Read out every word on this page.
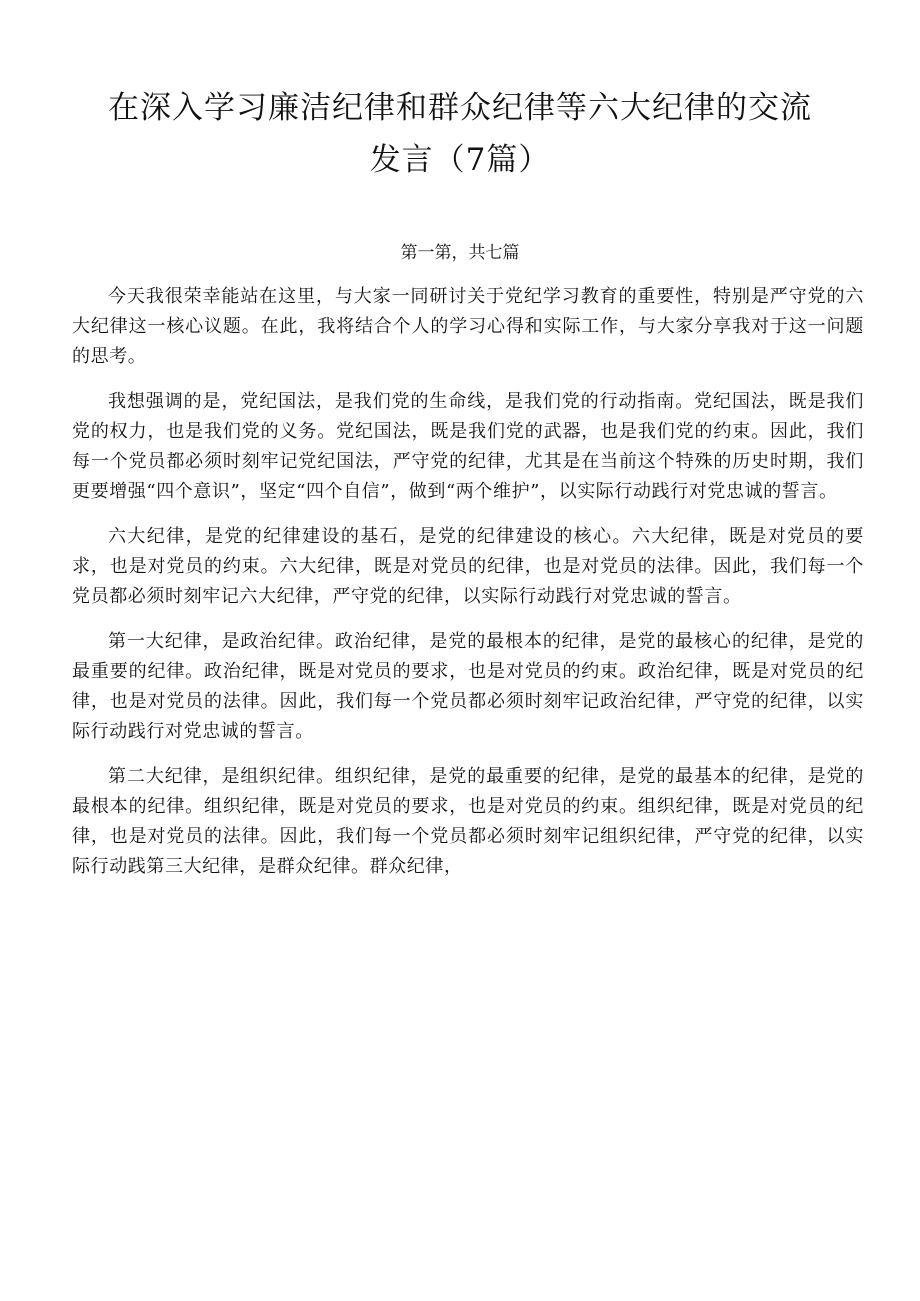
在深入学习廉洁纪律和群众纪律等六大纪律的交流
发言（7篇）
第一第，共七篇

今天我很荣幸能站在这里，与大家一同研讨关于党纪学习教育的重要性，特别是严守党的六大纪律这一核心议题。在此，我将结合个人的学习心得和实际工作，与大家分享我对于这一问题的思考。

我想强调的是，党纪国法，是我们党的生命线，是我们党的行动指南。党纪国法，既是我们党的权力，也是我们党的义务。党纪国法，既是我们党的武器，也是我们党的约束。因此，我们每一个党员都必须时刻牢记党纪国法，严守党的纪律，尤其是在当前这个特殊的历史时期，我们更要增强“四个意识”，坚定“四个自信”，做到“两个维护”，以实际行动践行对党忠诚的誓言。

六大纪律，是党的纪律建设的基石，是党的纪律建设的核心。六大纪律，既是对党员的要求，也是对党员的约束。六大纪律，既是对党员的纪律，也是对党员的法律。因此，我们每一个党员都必须时刻牢记六大纪律，严守党的纪律，以实际行动践行对党忠诚的誓言。

第一大纪律，是政治纪律。政治纪律，是党的最根本的纪律，是党的最核心的纪律，是党的最重要的纪律。政治纪律，既是对党员的要求，也是对党员的约束。政治纪律，既是对党员的纪律，也是对党员的法律。因此，我们每一个党员都必须时刻牢记政治纪律，严守党的纪律，以实际行动践行对党忠诚的誓言。

第二大纪律，是组织纪律。组织纪律，是党的最重要的纪律，是党的最基本的纪律，是党的最根本的纪律。组织纪律，既是对党员的要求，也是对党员的约束。组织纪律，既是对党员的纪律，也是对党员的法律。因此，我们每一个党员都必须时刻牢记组织纪律，严守党的纪律，以实际行动践第三大纪律，是群众纪律。群众纪律，
